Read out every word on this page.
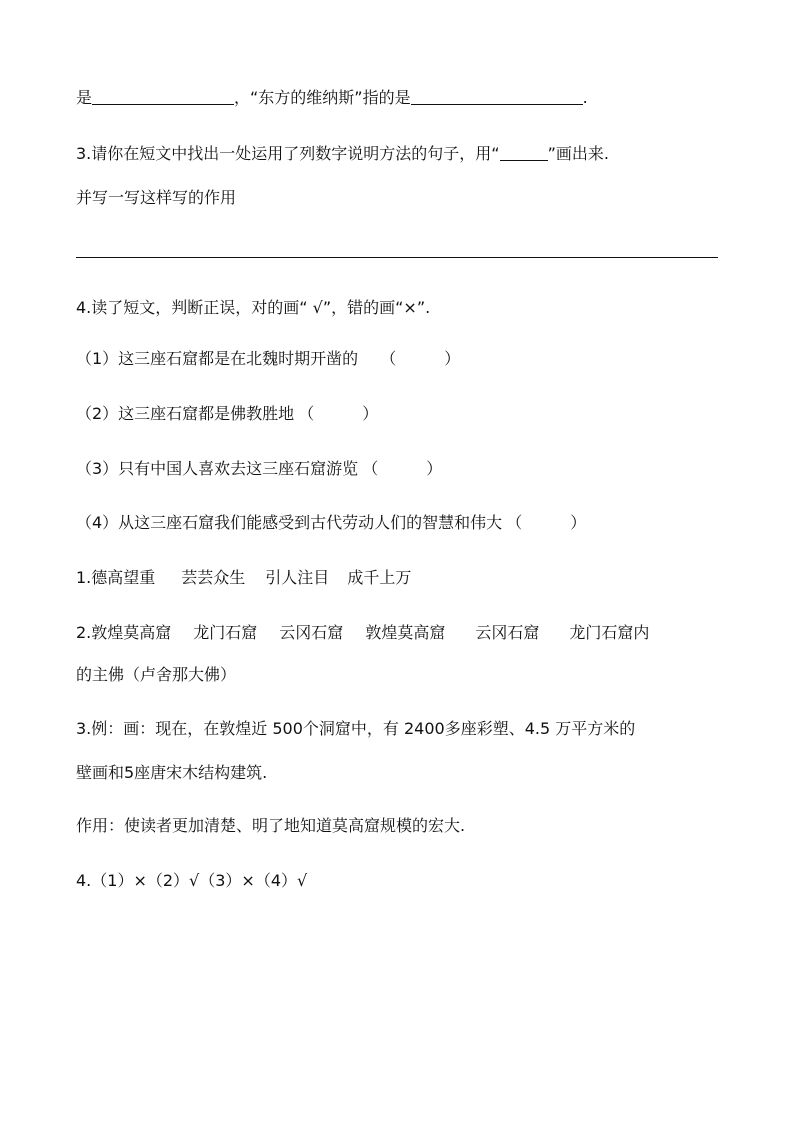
是	，“东方的维纳斯”指的是	.
3.请你在短文中找出一处运用了列数字说明方法的句子，用“	”画出来.
并写一写这样写的作用
4.读了短文，判断正误，对的画“ √”，错的画“×”.
（1）这三座石窟都是在北魏时期开凿的 （　　　）
（2）这三座石窟都是佛教胜地 （　　　）
（3）只有中国人喜欢去这三座石窟游览 （　　　）
（4）从这三座石窟我们能感受到古代劳动人们的智慧和伟大 （　　　）
1.德高望重 芸芸众生 引人注目 成千上万
2.敦煌莫高窟 龙门石窟 云冈石窟 敦煌莫高窟 云冈石窟 龙门石窟内
的主佛（卢舍那大佛）
3.例：画：现在，在敦煌近 500个洞窟中，有 2400多座彩塑、4.5 万平方米的
壁画和5座唐宋木结构建筑.
作用：使读者更加清楚、明了地知道莫高窟规模的宏大.
4.（1）×（2）√（3）×（4）√
